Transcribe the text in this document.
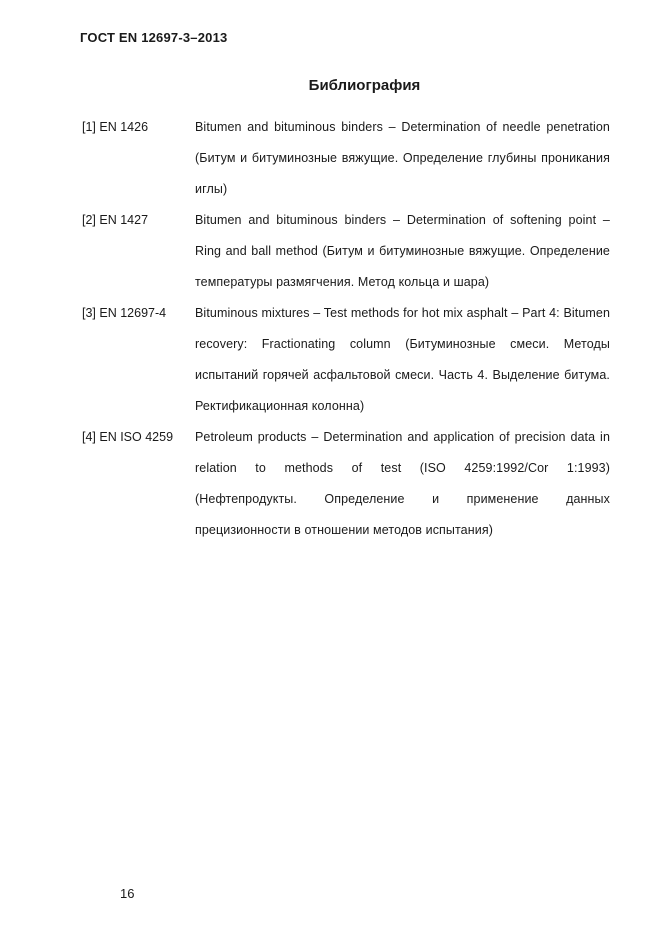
ГОСТ EN 12697-3–2013
Библиография
[1] EN 1426	Bitumen and bituminous binders – Determination of needle penetration (Битум и битуминозные вяжущие. Определение глубины проникания иглы)
[2] EN 1427	Bitumen and bituminous binders – Determination of softening point – Ring and ball method (Битум и битуминозные вяжущие. Определение температуры размягчения. Метод кольца и шара)
[3] EN 12697-4	Bituminous mixtures – Test methods for hot mix asphalt – Part 4: Bitumen recovery: Fractionating column (Битуминозные смеси. Методы испытаний горячей асфальтовой смеси. Часть 4. Выделение битума. Ректификационная колонна)
[4] EN ISO 4259	Petroleum products – Determination and application of precision data in relation to methods of test (ISO 4259:1992/Cor 1:1993) (Нефтепродукты. Определение и применение данных прецизионности в отношении методов испытания)
16
